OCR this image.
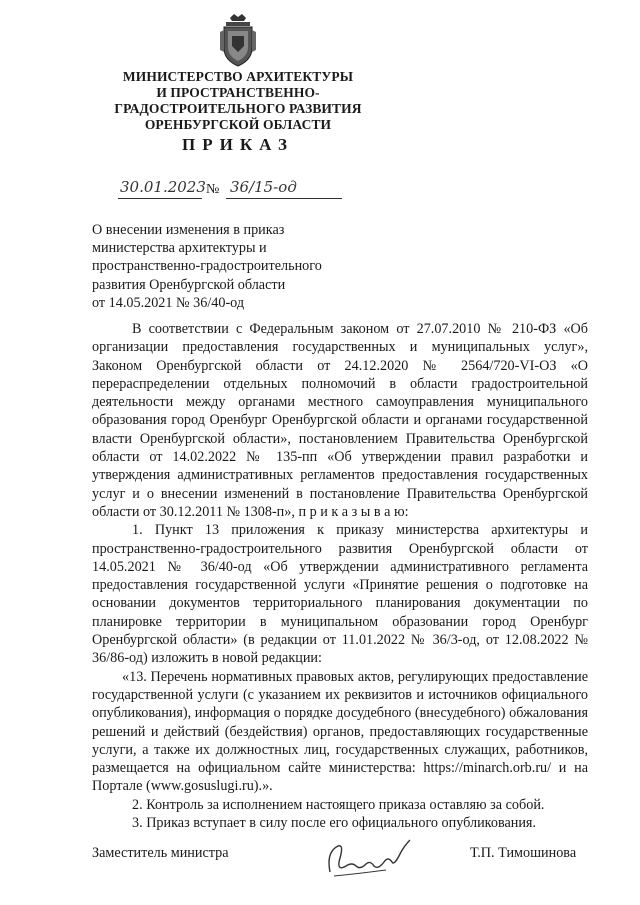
МИНИСТЕРСТВО АРХИТЕКТУРЫ
И ПРОСТРАНСТВЕННО-
ГРАДОСТРОИТЕЛЬНОГО РАЗВИТИЯ
ОРЕНБУРГСКОЙ ОБЛАСТИ
ПРИКАЗ
30.01.2023 № 36/15-од
О внесении изменения в приказ
министерства архитектуры и
пространственно-градостроительного
развития Оренбургской области
от 14.05.2021 № 36/40-од

В соответствии с Федеральным законом от 27.07.2010 № 210-ФЗ «Об организации предоставления государственных и муниципальных услуг», Законом Оренбургской области от 24.12.2020 № 2564/720-VI-ОЗ «О перераспределении отдельных полномочий в области градостроительной деятельности между органами местного самоуправления муниципального образования город Оренбург Оренбургской области и органами государственной власти Оренбургской области», постановлением Правительства Оренбургской области от 14.02.2022 № 135-пп «Об утверждении правил разработки и утверждения административных регламентов предоставления государственных услуг и о внесении изменений в постановление Правительства Оренбургской области от 30.12.2011 № 1308-п», п р и к а з ы в а ю:

1. Пункт 13 приложения к приказу министерства архитектуры и пространственно-градостроительного развития Оренбургской области от 14.05.2021 № 36/40-од «Об утверждении административного регламента предоставления государственной услуги «Принятие решения о подготовке на основании документов территориального планирования документации по планировке территории в муниципальном образовании город Оренбург Оренбургской области» (в редакции от 11.01.2022 № 36/3-од, от 12.08.2022 № 36/86-од) изложить в новой редакции:

«13. Перечень нормативных правовых актов, регулирующих предоставление государственной услуги (с указанием их реквизитов и источников официального опубликования), информация о порядке досудебного (внесудебного) обжалования решений и действий (бездействия) органов, предоставляющих государственные услуги, а также их должностных лиц, государственных служащих, работников, размещается на официальном сайте министерства: https://minarch.orb.ru/ и на Портале (www.gosuslugi.ru).».

2. Контроль за исполнением настоящего приказа оставляю за собой.

3. Приказ вступает в силу после его официального опубликования.

Заместитель министра	Т.П. Тимошинова
